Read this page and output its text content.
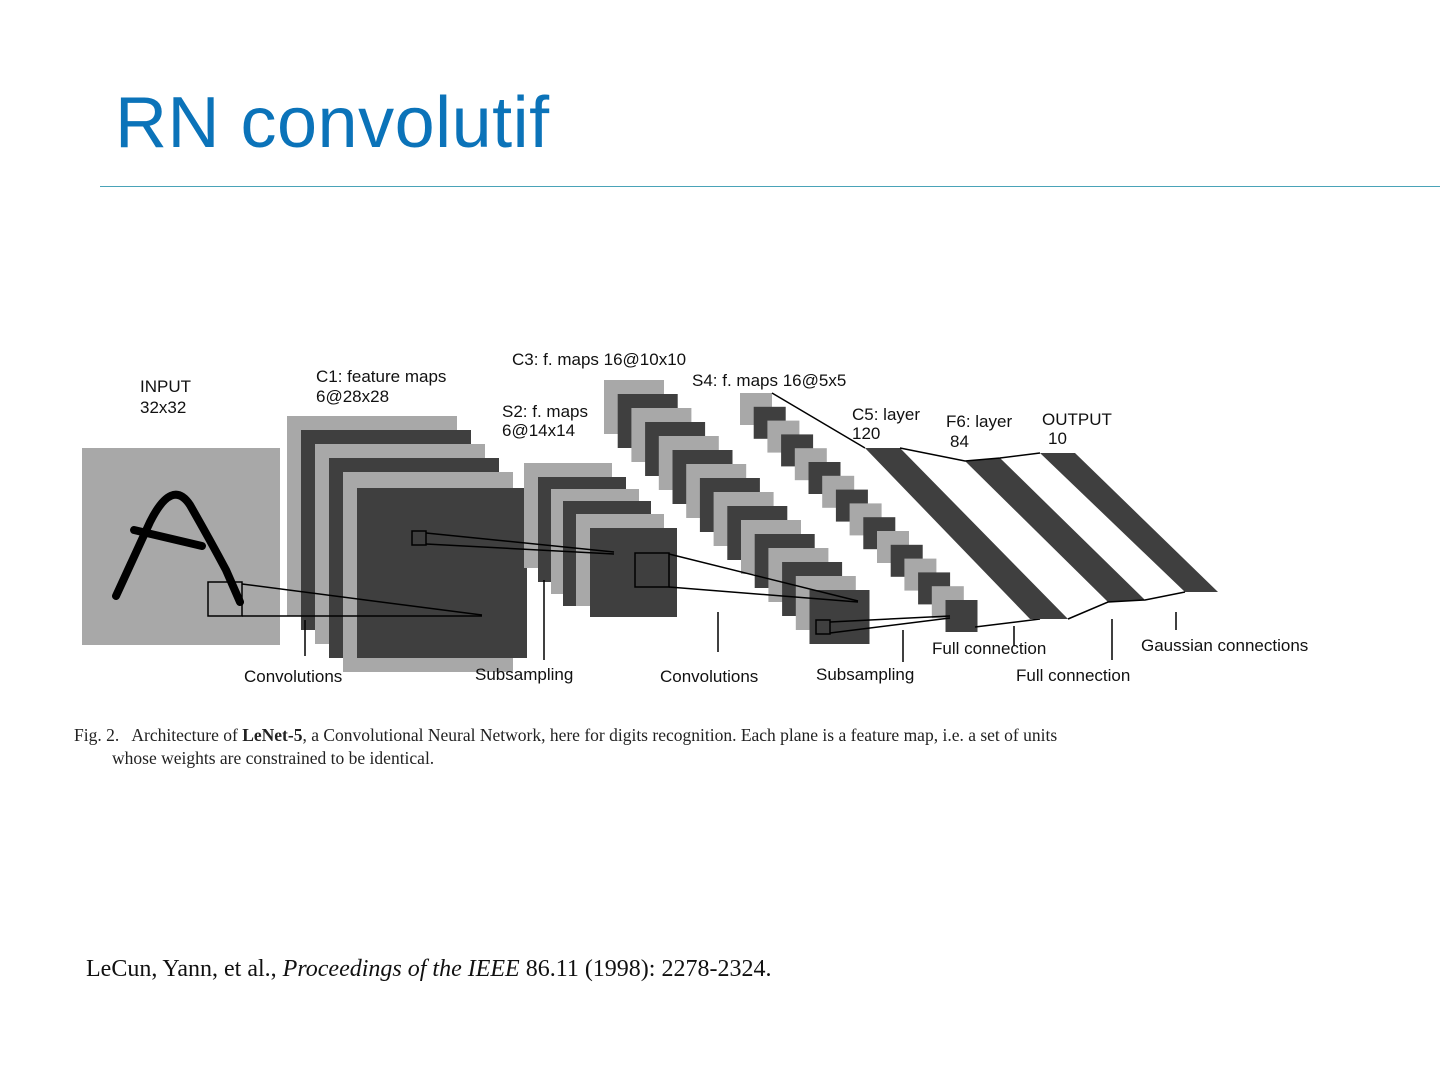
RN convolutif
INPUT
32x32
C1: feature maps
6@28x28
S2: f. maps
6@14x14
C3: f. maps 16@10x10
S4: f. maps 16@5x5
C5: layer
120
F6: layer
84
OUTPUT
10
Convolutions	Subsampling	Convolutions	Subsampling
Full connection
Full connection
Gaussian connections

Fig. 2. Architecture of LeNet-5, a Convolutional Neural Network, here for digits recognition. Each plane is a feature map, i.e. a set of units
whose weights are constrained to be identical.

LeCun, Yann, et al., Proceedings of the IEEE 86.11 (1998): 2278-2324.
